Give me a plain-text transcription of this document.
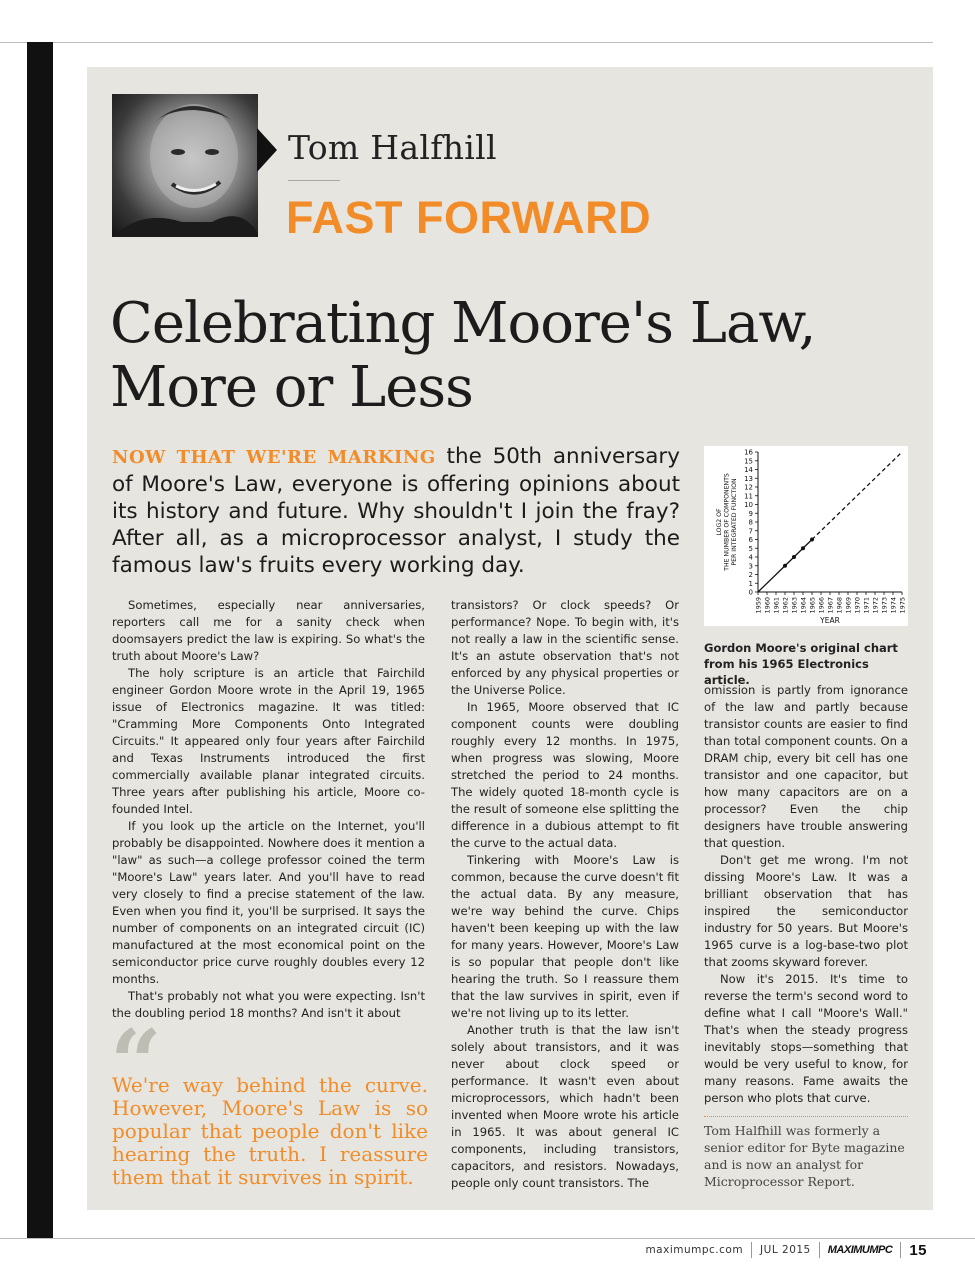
Tom Halfhill
FAST FORWARD
Celebrating Moore's Law,
More or Less
NOW THAT WE'RE MARKING the 50th anniversary of Moore's Law, everyone is offering opinions about its history and future. Why shouldn't I join the fray? After all, as a microprocessor analyst, I study the famous law's fruits every working day.

Sometimes, especially near anniversaries, reporters call me for a sanity check when doomsayers predict the law is expiring. So what's the truth about Moore's Law?

The holy scripture is an article that Fairchild engineer Gordon Moore wrote in the April 19, 1965 issue of Electronics magazine. It was titled: "Cramming More Components Onto Integrated Circuits." It appeared only four years after Fairchild and Texas Instruments introduced the first commercially available planar integrated circuits. Three years after publishing his article, Moore co-founded Intel.

If you look up the article on the Internet, you'll probably be disappointed. Nowhere does it mention a "law" as such—a college professor coined the term "Moore's Law" years later. And you'll have to read very closely to find a precise statement of the law. Even when you find it, you'll be surprised. It says the number of components on an integrated circuit (IC) manufactured at the most economical point on the semiconductor price curve roughly doubles every 12 months.

That's probably not what you were expecting. Isn't the doubling period 18 months? And isn't it about

“
We're way behind the curve. However, Moore's Law is so popular that people don't like hearing the truth. I reassure them that it survives in spirit.

transistors? Or clock speeds? Or performance? Nope. To begin with, it's not really a law in the scientific sense. It's an astute observation that's not enforced by any physical properties or the Universe Police.

In 1965, Moore observed that IC component counts were doubling roughly every 12 months. In 1975, when progress was slowing, Moore stretched the period to 24 months. The widely quoted 18-month cycle is the result of someone else splitting the difference in a dubious attempt to fit the curve to the actual data.

Tinkering with Moore's Law is common, because the curve doesn't fit the actual data. By any measure, we're way behind the curve. Chips haven't been keeping up with the law for many years. However, Moore's Law is so popular that people don't like hearing the truth. So I reassure them that the law survives in spirit, even if we're not living up to its letter.

Another truth is that the law isn't solely about transistors, and it was never about clock speed or performance. It wasn't even about microprocessors, which hadn't been invented when Moore wrote his article in 1965. It was about general IC components, including transistors, capacitors, and resistors. Nowadays, people only count transistors. The

0
1
2
3
4
5
6
7
8
9
10
11
12
13
14
15
16
1959 1960 1961 1962 1963 1964 1965 1966 1967 1968 1969 1970 1971 1972 1973 1974 1975
YEAR
LOG2 OFTHE NUMBER OF COMPONENTSPER INTEGRATED FUNCTION
Gordon Moore's original chart
from his 1965 Electronics article.

omission is partly from ignorance of the law and partly because transistor counts are easier to find than total component counts. On a DRAM chip, every bit cell has one transistor and one capacitor, but how many capacitors are on a processor? Even the chip designers have trouble answering that question.

Don't get me wrong. I'm not dissing Moore's Law. It was a brilliant observation that has inspired the semiconductor industry for 50 years. But Moore's 1965 curve is a log-base-two plot that zooms skyward forever.

Now it's 2015. It's time to reverse the term's second word to define what I call "Moore's Wall." That's when the steady progress inevitably stops—something that would be very useful to know, for many reasons. Fame awaits the person who plots that curve.

Tom Halfhill was formerly a senior editor for Byte magazine and is now an analyst for Microprocessor Report.

maximumpc.com JUL 2015 MAXIMUMPC 15
